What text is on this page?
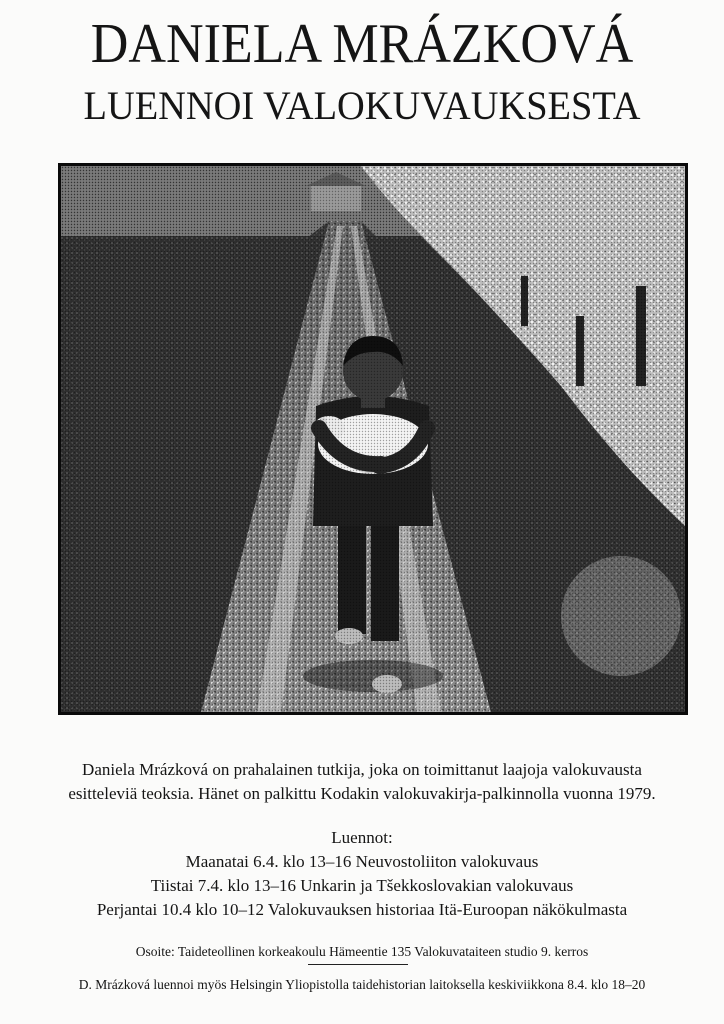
DANIELA MRÁZKOVÁ
LUENNOI VALOKUVAUKSESTA
Daniela Mrázková on prahalainen tutkija, joka on toimittanut laajoja valokuvausta
esitteleviä teoksia. Hänet on palkittu Kodakin valokuvakirja-palkinnolla vuonna 1979.
Luennot:
Maanatai 6.4. klo 13–16 Neuvostoliiton valokuvaus
Tiistai 7.4. klo 13–16 Unkarin ja Tšekkoslovakian valokuvaus
Perjantai 10.4 klo 10–12 Valokuvauksen historiaa Itä-Euroopan näkökulmasta
Osoite: Taideteollinen korkeakoulu Hämeentie 135 Valokuvataiteen studio 9. kerros
D. Mrázková luennoi myös Helsingin Yliopistolla taidehistorian laitoksella keskiviikkona 8.4. klo 18–20
